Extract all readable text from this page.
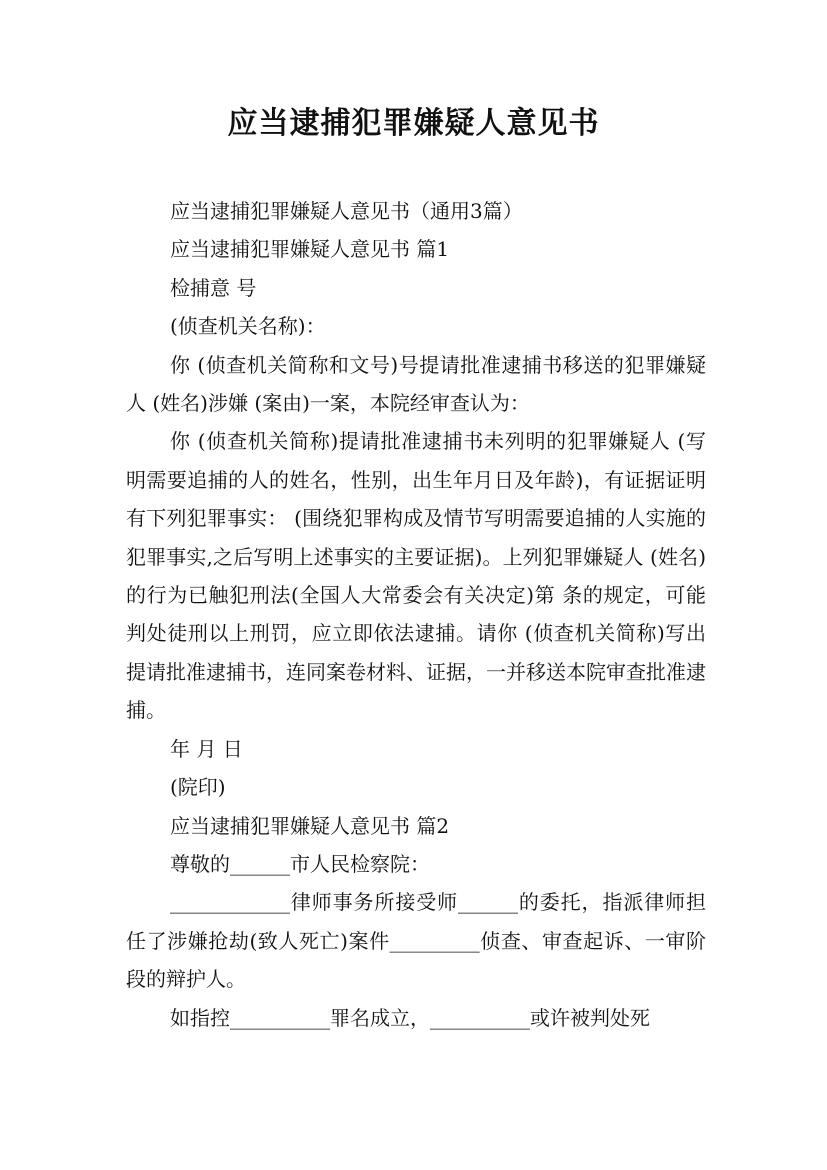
应当逮捕犯罪嫌疑人意见书

应当逮捕犯罪嫌疑人意见书（通用3篇）

应当逮捕犯罪嫌疑人意见书 篇1

检捕意 号

(侦查机关名称)：

你 (侦查机关简称和文号)号提请批准逮捕书移送的犯罪嫌疑人 (姓名)涉嫌 (案由)一案，本院经审查认为：

你 (侦查机关简称)提请批准逮捕书未列明的犯罪嫌疑人 (写明需要追捕的人的姓名，性别，出生年月日及年龄)，有证据证明有下列犯罪事实： (围绕犯罪构成及情节写明需要追捕的人实施的犯罪事实,之后写明上述事实的主要证据)。上列犯罪嫌疑人 (姓名)的行为已触犯刑法(全国人大常委会有关决定)第 条的规定，可能判处徒刑以上刑罚，应立即依法逮捕。请你 (侦查机关简称)写出提请批准逮捕书，连同案卷材料、证据，一并移送本院审查批准逮捕。

年 月 日

(院印)

应当逮捕犯罪嫌疑人意见书 篇2

尊敬的______市人民检察院：

____________律师事务所接受师______的委托，指派律师担任了涉嫌抢劫(致人死亡)案件_________侦查、审查起诉、一审阶段的辩护人。

如指控__________罪名成立，__________或许被判处死
